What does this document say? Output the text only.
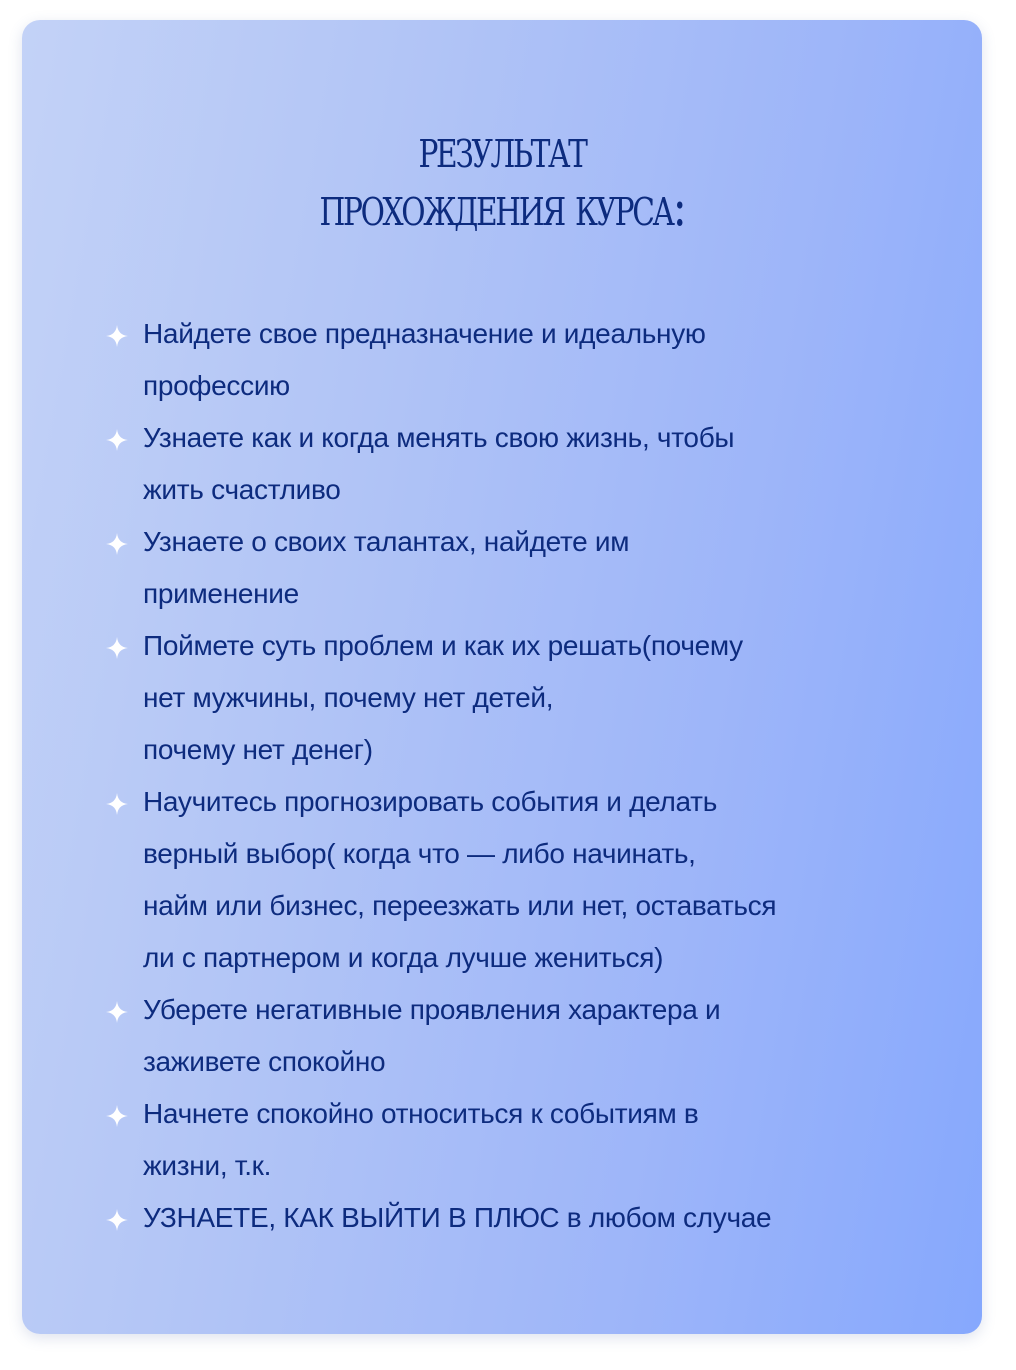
результат
прохождения курса:
Найдете свое предназначение и идеальную
профессию
Узнаете как и когда менять свою жизнь, чтобы
жить счастливо
Узнаете о своих талантах, найдете им
применение
Поймете суть проблем и как их решать(почему
нет мужчины, почему нет детей,
почему нет денег)
Научитесь прогнозировать события и делать
верный выбор( когда что — либо начинать,
найм или бизнес, переезжать или нет, оставаться
ли с партнером и когда лучше жениться)
Уберете негативные проявления характера и
заживете спокойно
Начнете спокойно относиться к событиям в
жизни, т.к.
УЗНАЕТЕ, КАК ВЫЙТИ В ПЛЮС в любом случае
